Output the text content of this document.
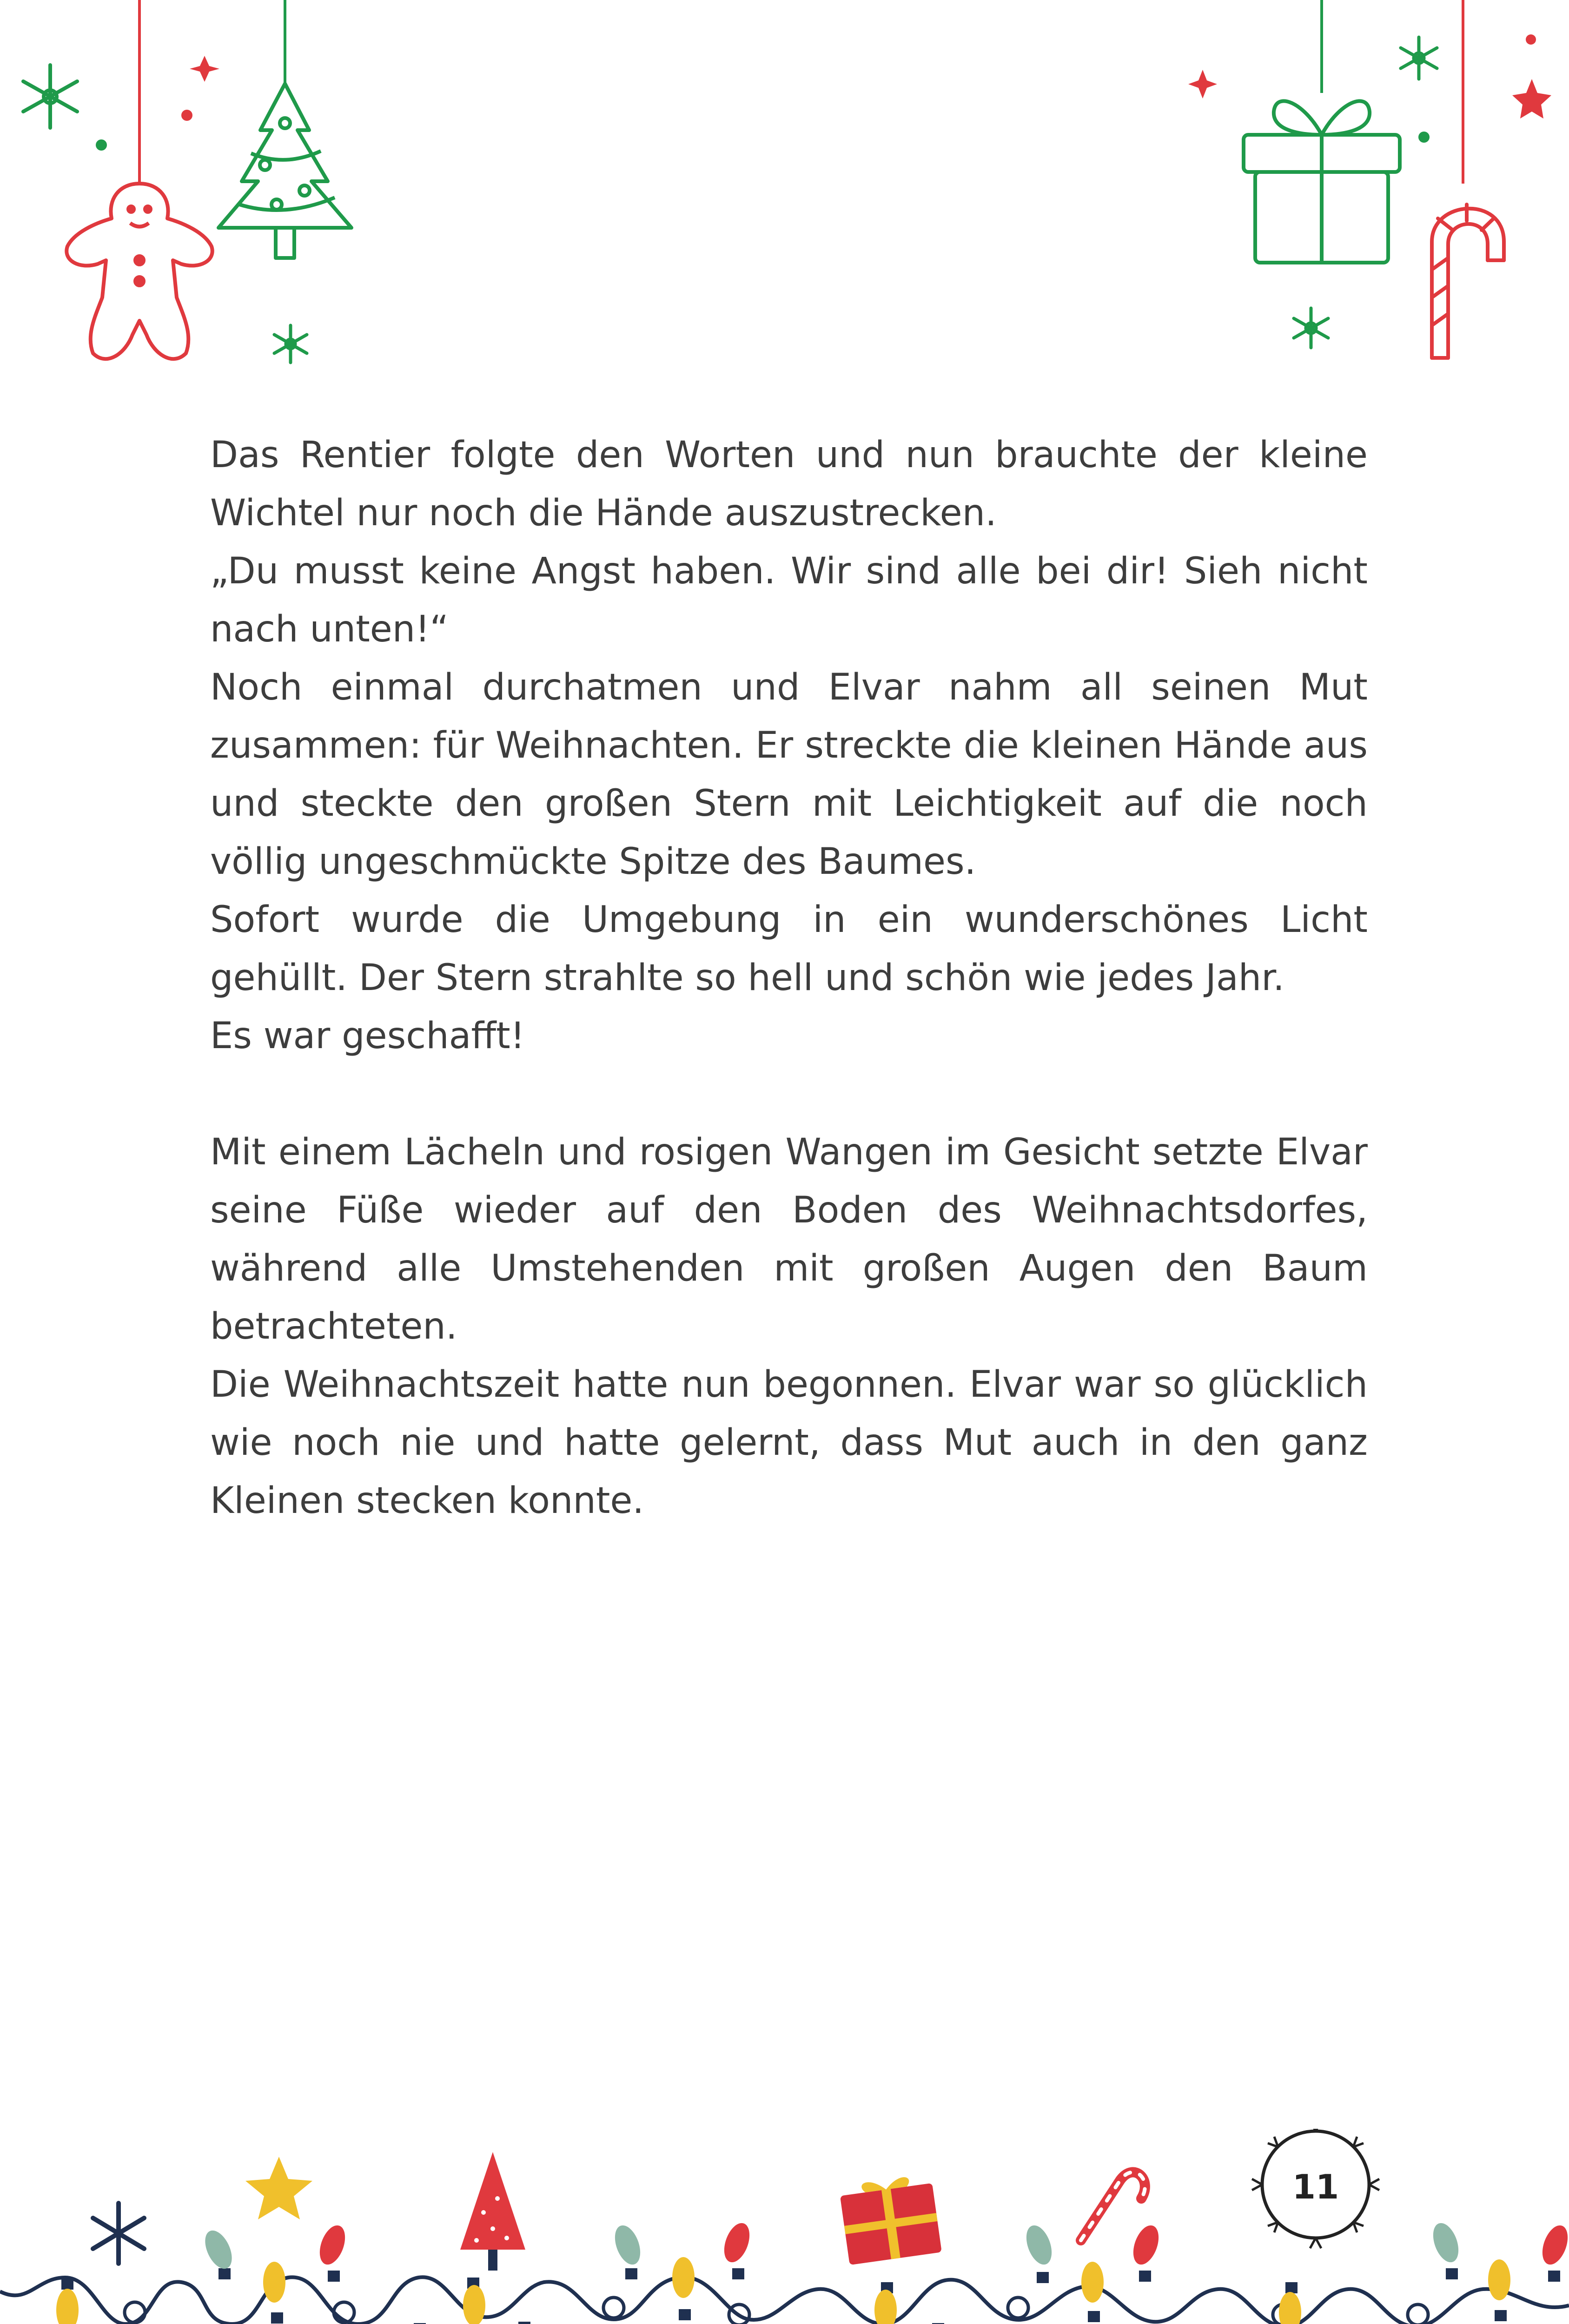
Das Rentier folgte den Worten und nun brauchte der kleine Wichtel nur noch die Hände auszustrecken.

„Du musst keine Angst haben. Wir sind alle bei dir! Sieh nicht nach unten!“

Noch einmal durchatmen und Elvar nahm all seinen Mut zusammen: für Weihnachten. Er streckte die kleinen Hände aus und steckte den großen Stern mit Leichtigkeit auf die noch völlig ungeschmückte Spitze des Baumes.

Sofort wurde die Umgebung in ein wunderschönes Licht gehüllt. Der Stern strahlte so hell und schön wie jedes Jahr.

Es war geschafft!

Mit einem Lächeln und rosigen Wangen im Gesicht setzte Elvar seine Füße wieder auf den Boden des Weihnachtsdorfes, während alle Umstehenden mit großen Augen den Baum betrachteten.

Die Weihnachtszeit hatte nun begonnen. Elvar war so glücklich wie noch nie und hatte gelernt, dass Mut auch in den ganz Kleinen stecken konnte.

11
